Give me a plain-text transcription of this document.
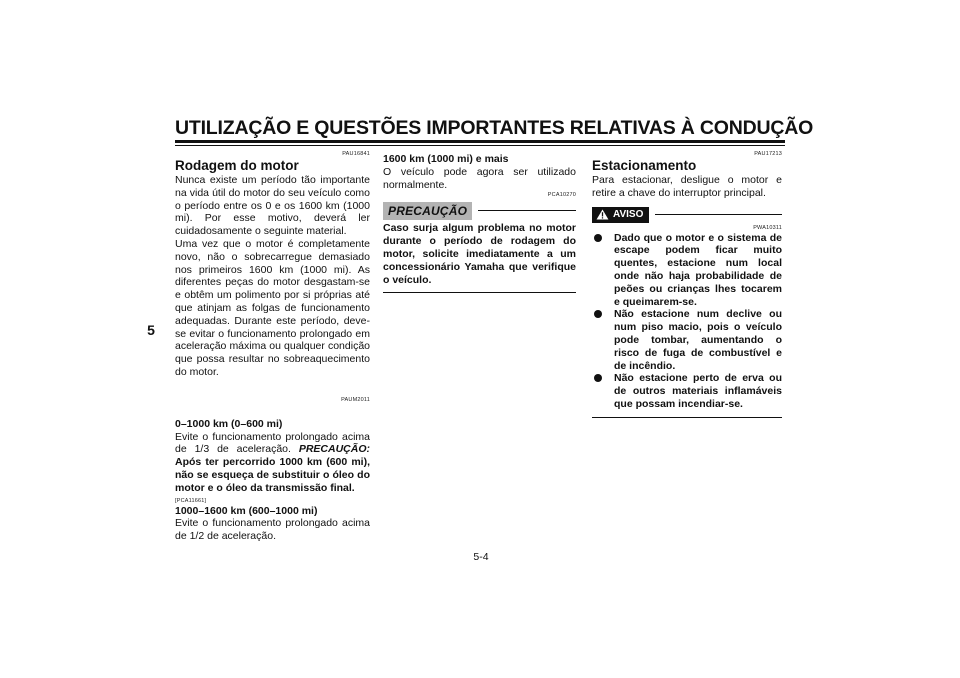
UTILIZAÇÃO E QUESTÕES IMPORTANTES RELATIVAS À CONDUÇÃO
5
PAU16841
Rodagem do motor

Nunca existe um período tão importante na vida útil do motor do seu veículo como o período entre os 0 e os 1600 km (1000 mi). Por esse motivo, deverá ler cuidadosamente o seguinte material.

Uma vez que o motor é completamente novo, não o sobrecarregue demasiado nos primeiros 1600 km (1000 mi). As diferentes peças do motor desgastam-se e obtêm um polimento por si próprias até que atinjam as folgas de funcionamento adequadas. Durante este período, deve-se evitar o funcionamento prolongado em aceleração máxima ou qualquer condição que possa resultar no sobreaquecimento do motor.

PAUM2011
0–1000 km (0–600 mi)

Evite o funcionamento prolongado acima de 1/3 de aceleração. PRECAUÇÃO: Após ter percorrido 1000 km (600 mi), não se esqueça de substituir o óleo do motor e o óleo da transmissão final.

[PCA11661]
1000–1600 km (600–1000 mi)

Evite o funcionamento prolongado acima de 1/2 de aceleração.

1600 km (1000 mi) e mais

O veículo pode agora ser utilizado normalmente.

PCA10270
PRECAUÇÃO

Caso surja algum problema no motor durante o período de rodagem do motor, solicite imediatamente a um concessionário Yamaha que verifique o veículo.

PAU17213
Estacionamento

Para estacionar, desligue o motor e retire a chave do interruptor principal.

AVISO
PWA10311
Dado que o motor e o sistema de escape podem ficar muito quentes, estacione num local onde não haja probabilidade de peões ou crianças lhes tocarem e queimarem-se.
Não estacione num declive ou num piso macio, pois o veículo pode tombar, aumentando o risco de fuga de combustível e de incêndio.
Não estacione perto de erva ou de outros materiais inflamáveis que possam incendiar-se.
5-4
